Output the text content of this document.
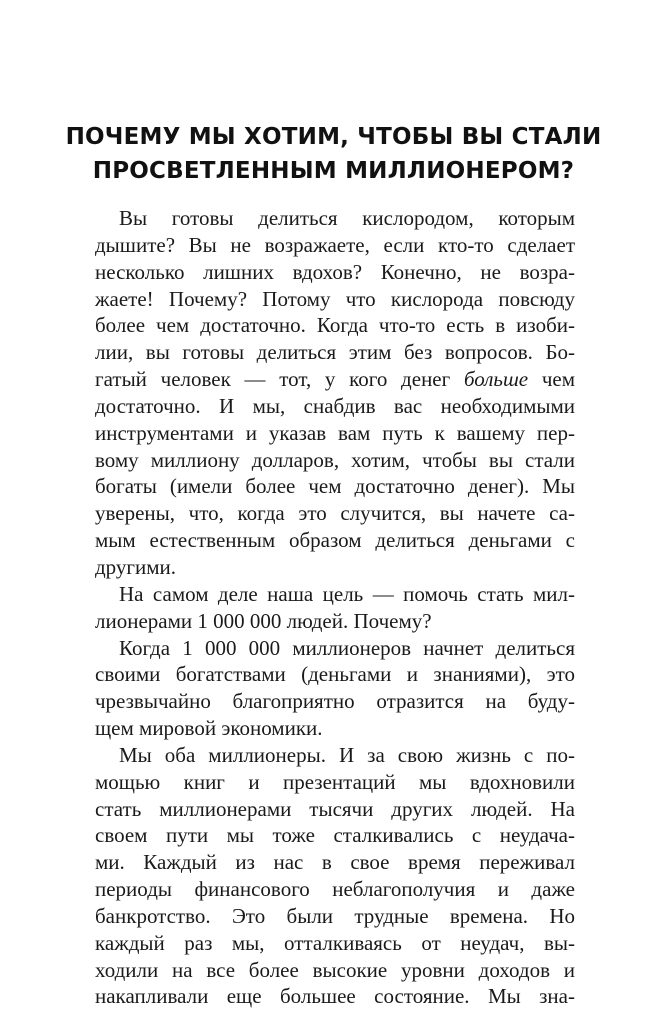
ПОЧЕМУ МЫ ХОТИМ, ЧТОБЫ ВЫ СТАЛИ
ПРОСВЕТЛЕННЫМ МИЛЛИОНЕРОМ?
Вы готовы делиться кислородом, которым
дышите? Вы не возражаете, если кто-то сделает
несколько лишних вдохов? Конечно, не возра-
жаете! Почему? Потому что кислорода повсюду
более чем достаточно. Когда что-то есть в изоби-
лии, вы готовы делиться этим без вопросов. Бо-
гатый человек — тот, у кого денег больше чем
достаточно. И мы, снабдив вас необходимыми
инструментами и указав вам путь к вашему пер-
вому миллиону долларов, хотим, чтобы вы стали
богаты (имели более чем достаточно денег). Мы
уверены, что, когда это случится, вы начете са-
мым естественным образом делиться деньгами с
другими.
На самом деле наша цель — помочь стать мил-
лионерами 1 000 000 людей. Почему?
Когда 1 000 000 миллионеров начнет делиться
своими богатствами (деньгами и знаниями), это
чрезвычайно благоприятно отразится на буду-
щем мировой экономики.
Мы оба миллионеры. И за свою жизнь с по-
мощью книг и презентаций мы вдохновили
стать миллионерами тысячи других людей. На
своем пути мы тоже сталкивались с неудача-
ми. Каждый из нас в свое время переживал
периоды финансового неблагополучия и даже
банкротство. Это были трудные времена. Но
каждый раз мы, отталкиваясь от неудач, вы-
ходили на все более высокие уровни доходов и
накапливали еще большее состояние. Мы зна-
